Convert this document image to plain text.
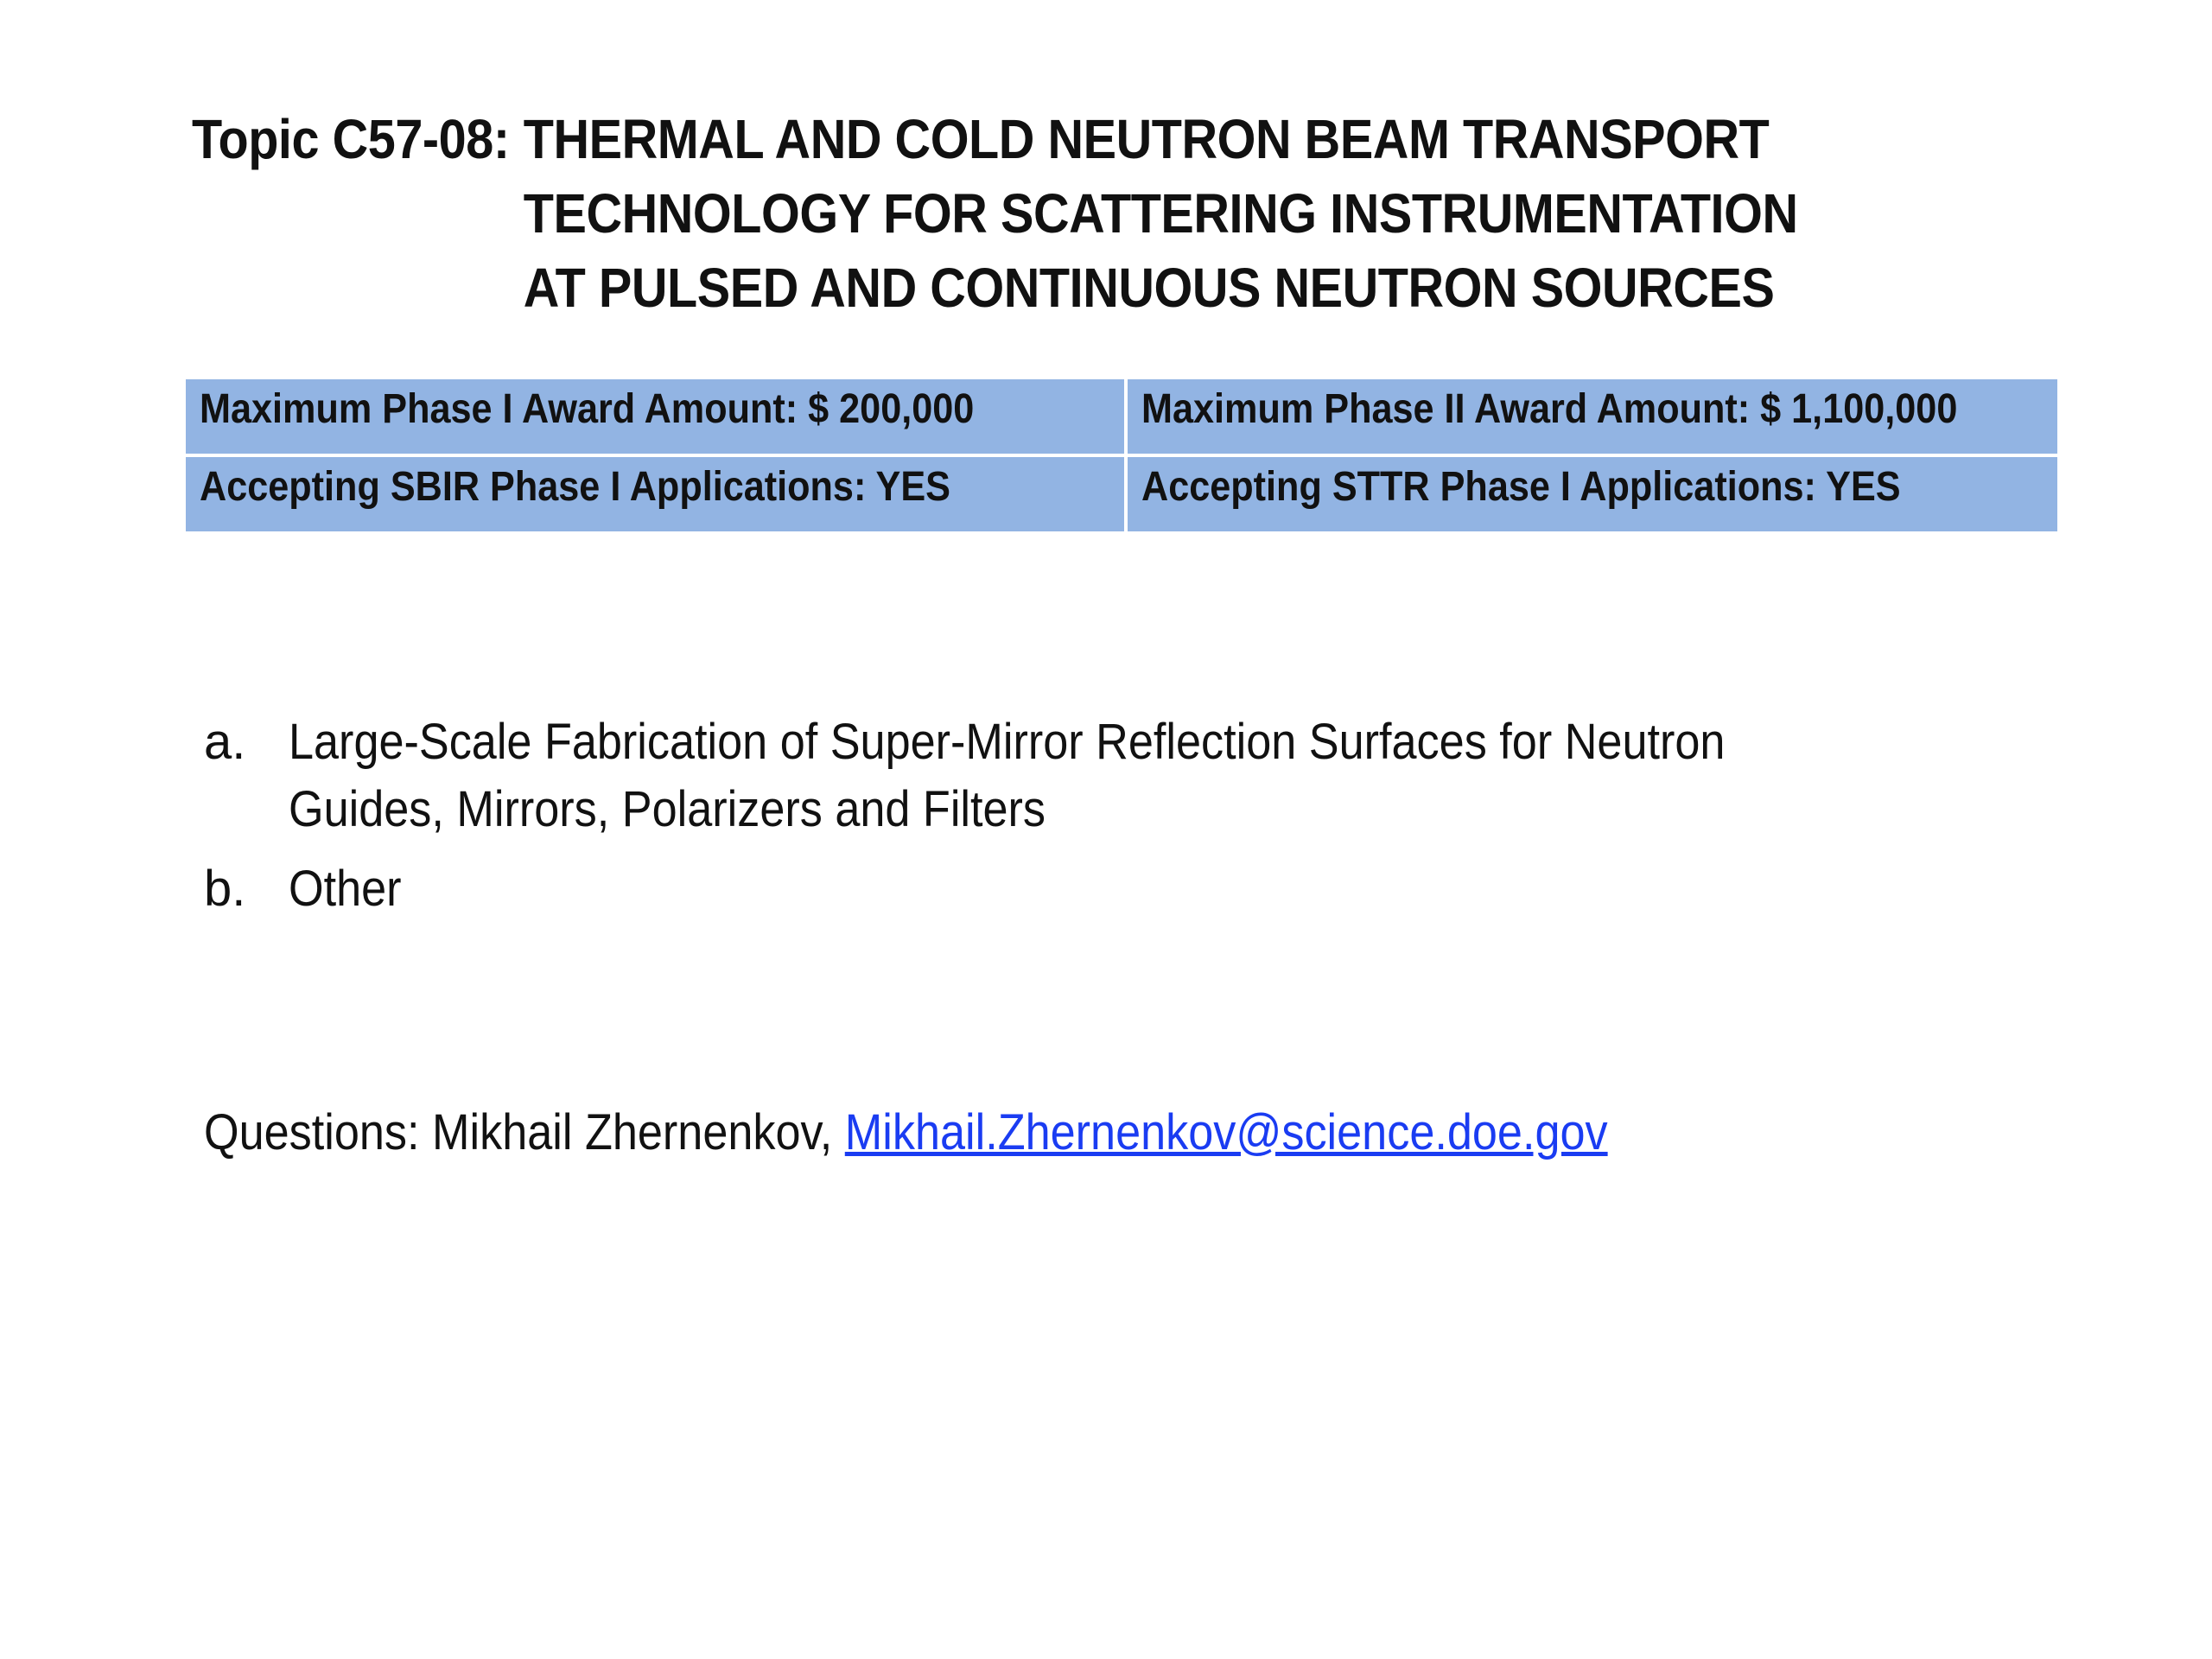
Topic C57-08: THERMAL AND COLD NEUTRON BEAM TRANSPORT
TECHNOLOGY FOR SCATTERING INSTRUMENTATION
AT PULSED AND CONTINUOUS NEUTRON SOURCES
Maximum Phase I Award Amount: $ 200,000	Maximum Phase II Award Amount: $ 1,100,000
Accepting SBIR Phase I Applications: YES	Accepting STTR Phase I Applications: YES
a. Large-Scale Fabrication of Super-Mirror Reflection Surfaces for Neutron Guides, Mirrors, Polarizers and Filters
b. Other
Questions: Mikhail Zhernenkov, Mikhail.Zhernenkov@science.doe.gov
